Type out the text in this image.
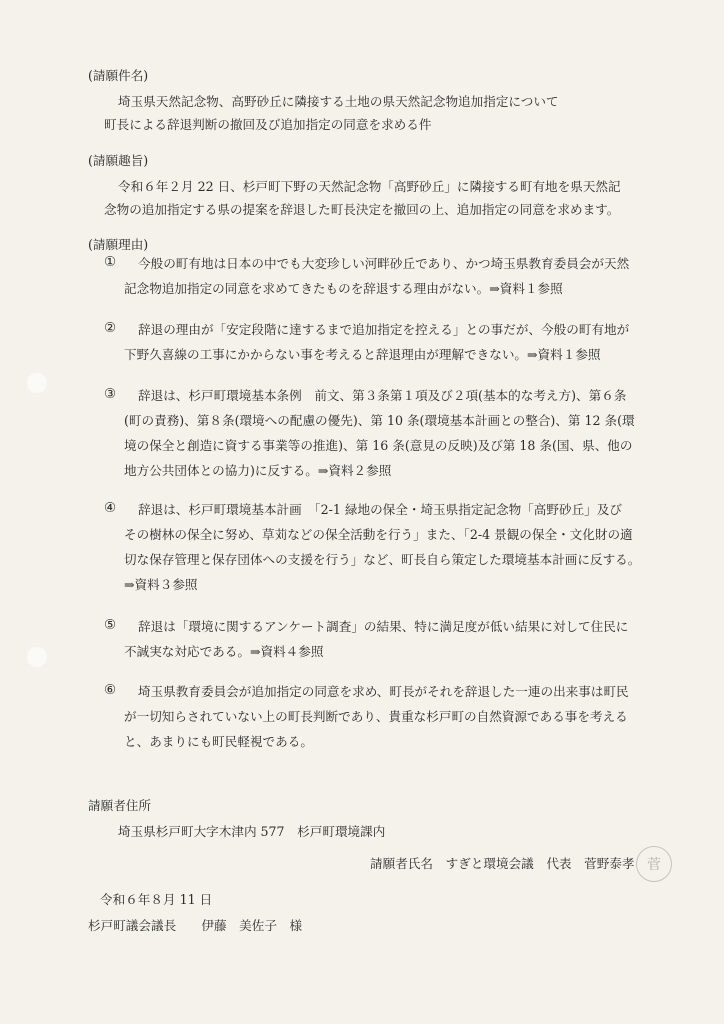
(請願件名)
埼玉県天然記念物、高野砂丘に隣接する土地の県天然記念物追加指定について
町長による辞退判断の撤回及び追加指定の同意を求める件
(請願趣旨)
令和６年２月 22 日、杉戸町下野の天然記念物「高野砂丘」に隣接する町有地を県天然記
念物の追加指定する県の提案を辞退した町長決定を撤回の上、追加指定の同意を求めます。
(請願理由)
①	今般の町有地は日本の中でも大変珍しい河畔砂丘であり、かつ埼玉県教育委員会が天然
記念物追加指定の同意を求めてきたものを辞退する理由がない。⇒資料１参照
②	辞退の理由が「安定段階に達するまで追加指定を控える」との事だが、今般の町有地が
下野久喜線の工事にかからない事を考えると辞退理由が理解できない。⇒資料１参照
③	辞退は、杉戸町環境基本条例　前文、第３条第１項及び２項(基本的な考え方)、第６条
(町の責務)、第８条(環境への配慮の優先)、第 10 条(環境基本計画との整合)、第 12 条(環
境の保全と創造に資する事業等の推進)、第 16 条(意見の反映)及び第 18 条(国、県、他の
地方公共団体との協力)に反する。⇒資料２参照
④	辞退は、杉戸町環境基本計画　「2-1 緑地の保全・埼玉県指定記念物「高野砂丘」及び
その樹林の保全に努め、草苅などの保全活動を行う」また、「2-4 景観の保全・文化財の適
切な保存管理と保存団体への支援を行う」など、町長自ら策定した環境基本計画に反する。
⇒資料３参照
⑤	辞退は「環境に関するアンケート調査」の結果、特に満足度が低い結果に対して住民に
不誠実な対応である。⇒資料４参照
⑥	埼玉県教育委員会が追加指定の同意を求め、町長がそれを辞退した一連の出来事は町民
が一切知らされていない上の町長判断であり、貴重な杉戸町の自然資源である事を考える
と、あまりにも町民軽視である。
請願者住所
埼玉県杉戸町大字木津内 577　杉戸町環境課内
請願者氏名　すぎと環境会議　代表　菅野泰孝 菅
令和６年８月 11 日
杉戸町議会議長　　伊藤　美佐子　様
